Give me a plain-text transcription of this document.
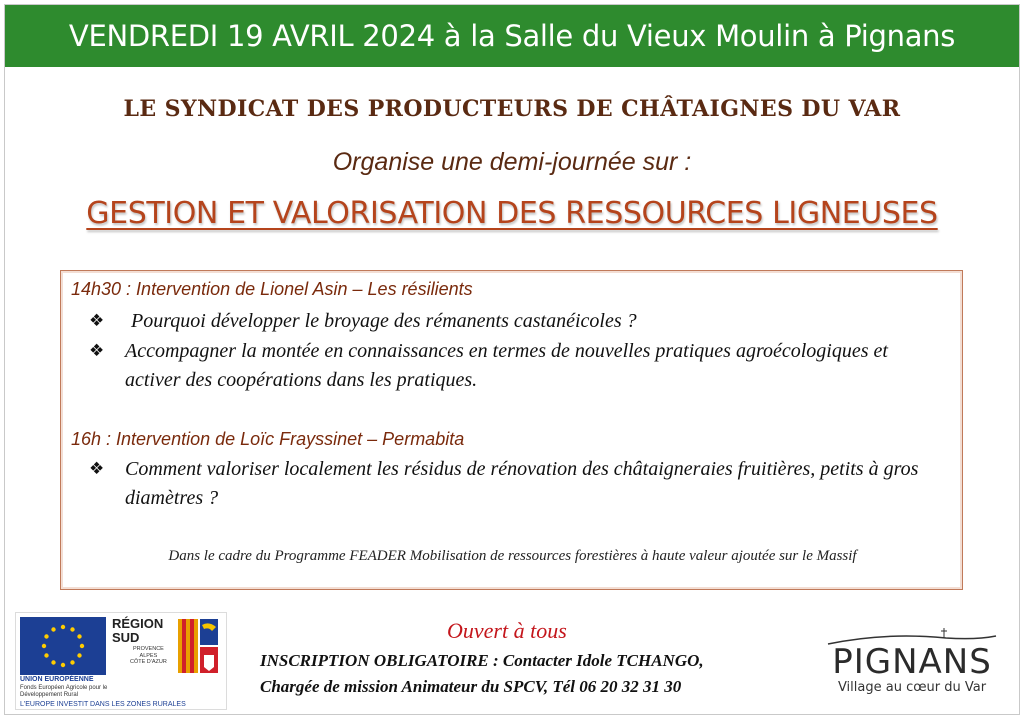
VENDREDI 19 AVRIL 2024 à la Salle du Vieux Moulin à Pignans
LE SYNDICAT DES PRODUCTEURS DE CHÂTAIGNES DU VAR
Organise une demi-journée sur :
GESTION ET VALORISATION DES RESSOURCES LIGNEUSES
14h30 : Intervention de Lionel Asin – Les résilients
❖	Pourquoi développer le broyage des rémanents castanéicoles ?
❖	Accompagner la montée en connaissances en termes de nouvelles pratiques agroécologiques et activer des coopérations dans les pratiques.
16h : Intervention de Loïc Frayssinet – Permabita
❖	Comment valoriser localement les résidus de rénovation des châtaigneraies fruitières, petits à gros diamètres ?
Dans le cadre du Programme FEADER Mobilisation de ressources forestières à haute valeur ajoutée sur le Massif
UNION EUROPÉENNE
Fonds Européen Agricole pour le Développement Rural
L'EUROPE INVESTIT DANS LES ZONES RURALES
RÉGION
SUD
PROVENCE
ALPES
CÔTE D'AZUR
Ouvert à tous
INSCRIPTION OBLIGATOIRE : Contacter Idole TCHANGO,
Chargée de mission Animateur du SPCV, Tél 06 20 32 31 30
PIGNANS
Village au cœur du Var
